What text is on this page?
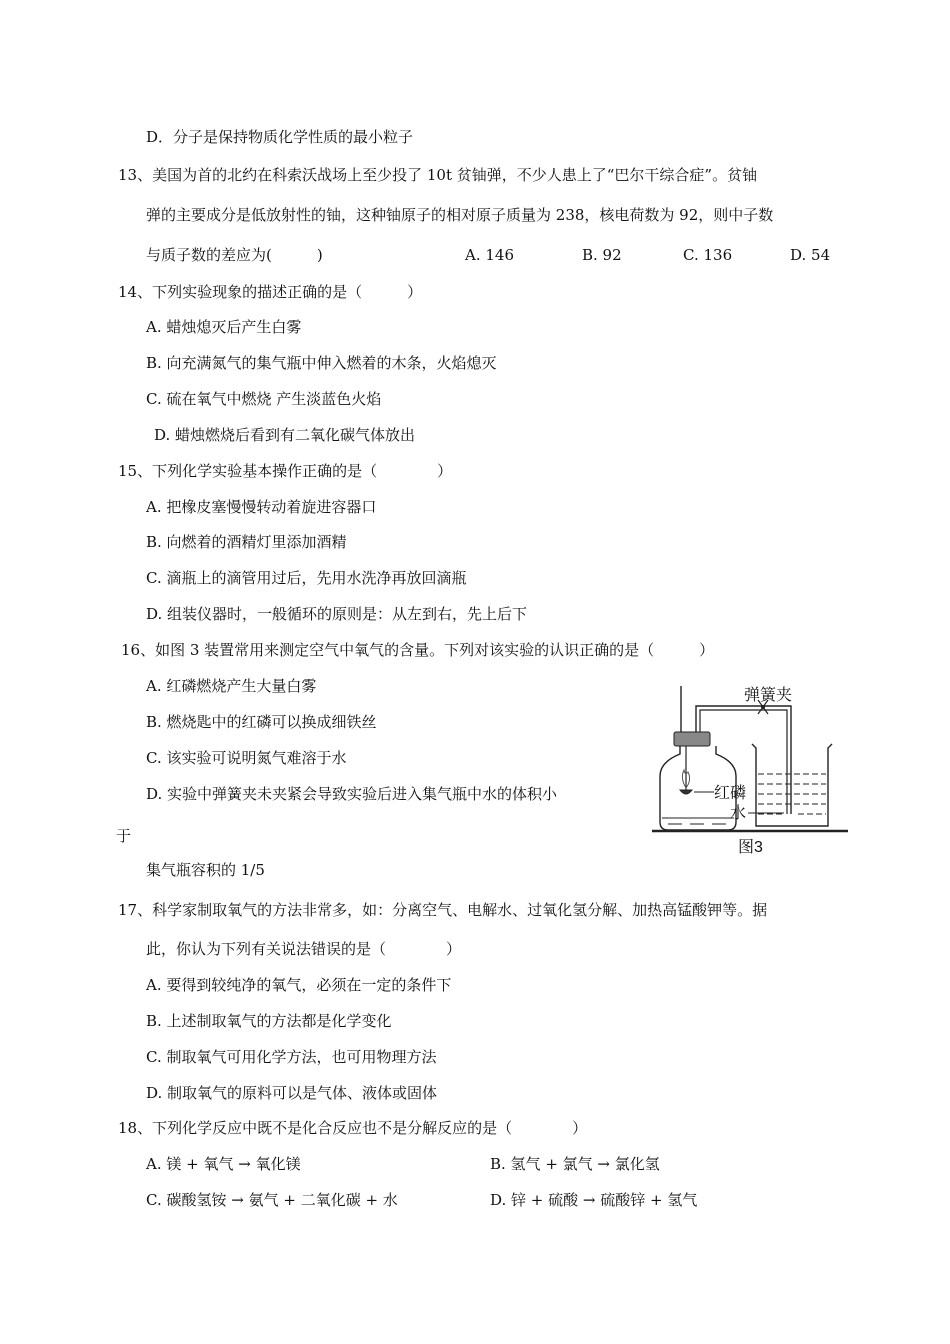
D．分子是保持物质化学性质的最小粒子
13、美国为首的北约在科索沃战场上至少投了 10t 贫铀弹，不少人患上了“巴尔干综合症”。贫铀
弹的主要成分是低放射性的铀，这种铀原子的相对原子质量为 238，核电荷数为 92，则中子数
与质子数的差应为(　　　)	A. 146	B. 92	C. 136	D. 54
14、下列实验现象的描述正确的是（　　　）
A. 蜡烛熄灭后产生白雾
B. 向充满氮气的集气瓶中伸入燃着的木条，火焰熄灭
C. 硫在氧气中燃烧 产生淡蓝色火焰
D. 蜡烛燃烧后看到有二氧化碳气体放出
15、下列化学实验基本操作正确的是（　　　　）
A. 把橡皮塞慢慢转动着旋进容器口
B. 向燃着的酒精灯里添加酒精
C. 滴瓶上的滴管用过后，先用水洗净再放回滴瓶
D. 组装仪器时，一般循环的原则是：从左到右，先上后下
16、如图 3 装置常用来测定空气中氧气的含量。下列对该实验的认识正确的是（　　　）
A. 红磷燃烧产生大量白雾
B. 燃烧匙中的红磷可以换成细铁丝
C. 该实验可说明氮气难溶于水
D. 实验中弹簧夹未夹紧会导致实验后进入集气瓶中水的体积小
于
集气瓶容积的 1/5
弹簧夹
红磷
水
图3
17、科学家制取氧气的方法非常多，如：分离空气、电解水、过氧化氢分解、加热高锰酸钾等。据
此，你认为下列有关说法错误的是（　　　　）
A. 要得到较纯净的氧气，必须在一定的条件下
B. 上述制取氧气的方法都是化学变化
C. 制取氧气可用化学方法，也可用物理方法
D. 制取氧气的原料可以是气体、液体或固体
18、下列化学反应中既不是化合反应也不是分解反应的是（　　　　）
A. 镁 + 氧气 → 氧化镁	B. 氢气 + 氯气 → 氯化氢
C. 碳酸氢铵 → 氨气 + 二氧化碳 + 水	D. 锌 + 硫酸 → 硫酸锌 + 氢气
